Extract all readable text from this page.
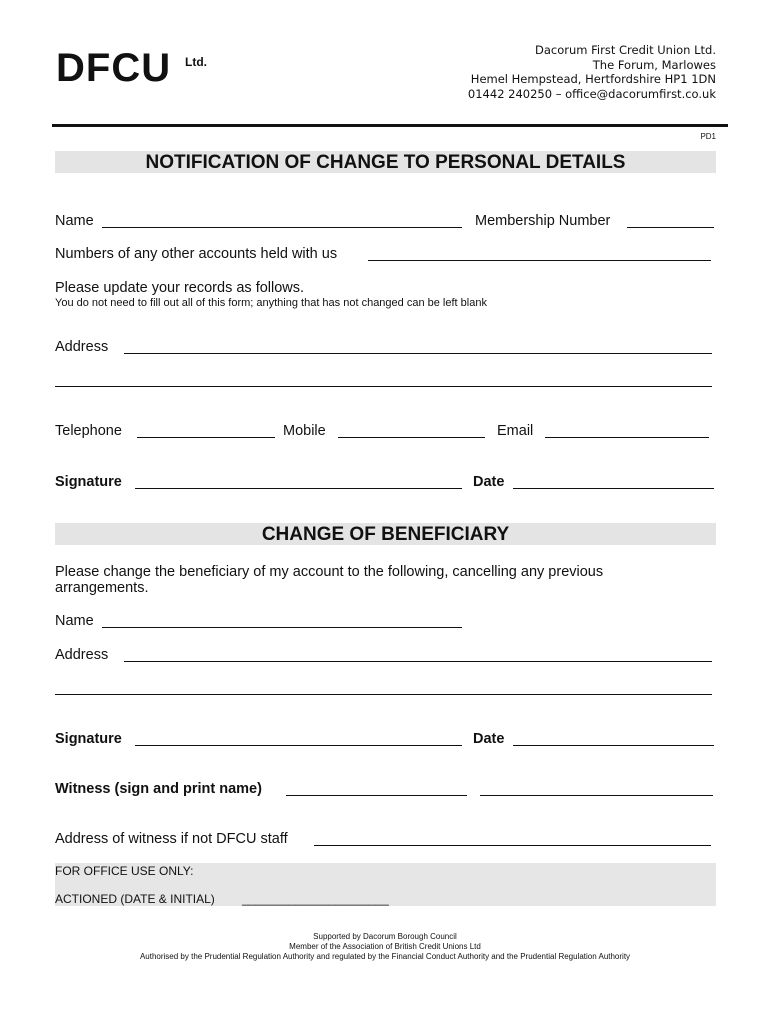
DFCU Ltd.
Dacorum First Credit Union Ltd.
The Forum, Marlowes
Hemel Hempstead, Hertfordshire HP1 1DN
01442 240250 – office@dacorumfirst.co.uk
PD1
NOTIFICATION OF CHANGE TO PERSONAL DETAILS
Name	Membership Number
Numbers of any other accounts held with us
Please update your records as follows.
You do not need to fill out all of this form; anything that has not changed can be left blank
Address
Telephone	Mobile	Email
Signature	Date
CHANGE OF BENEFICIARY
Please change the beneficiary of my account to the following, cancelling any previous
arrangements.
Name
Address
Signature	Date
Witness (sign and print name)
Address of witness if not DFCU staff
FOR OFFICE USE ONLY:
ACTIONED (DATE & INITIAL) ______________________
Supported by Dacorum Borough Council
Member of the Association of British Credit Unions Ltd
Authorised by the Prudential Regulation Authority and regulated by the Financial Conduct Authority and the Prudential Regulation Authority
